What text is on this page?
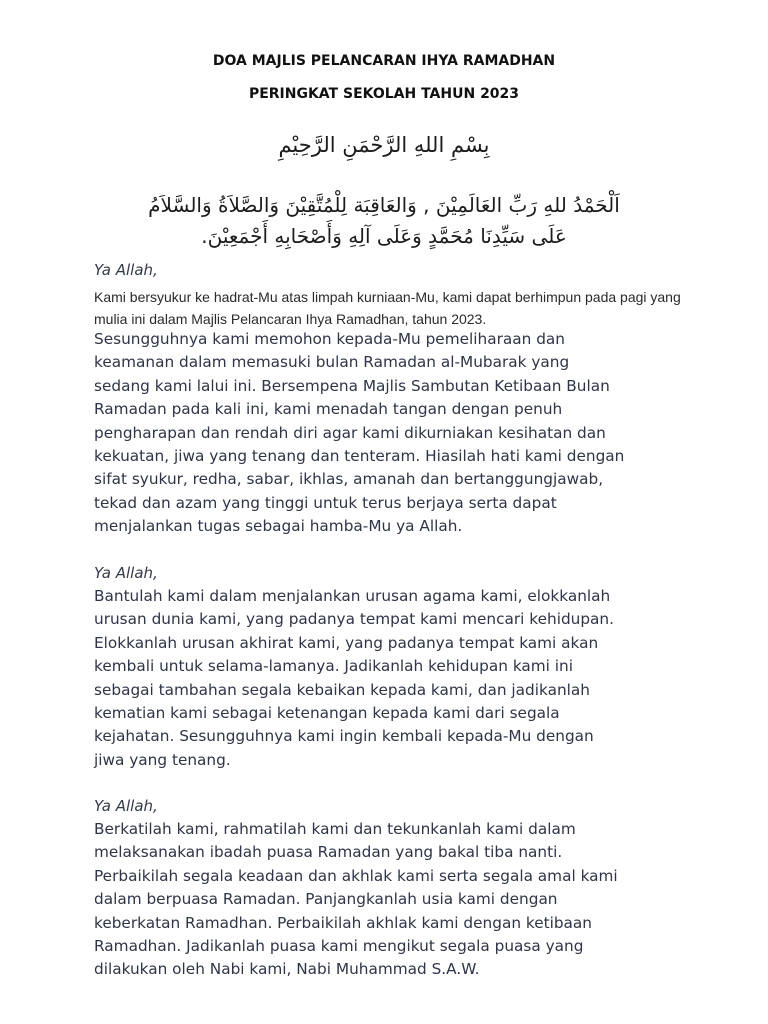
DOA MAJLIS PELANCARAN IHYA RAMADHAN
PERINGKAT SEKOLAH TAHUN 2023
بِسْمِ اللهِ الرَّحْمَنِ الرَّحِيْمِ
اَلْحَمْدُ للهِ رَبِّ العَالَمِيْنَ , وَالعَاقِبَة لِلْمُتَّقِيْنَ وَالصَّلاَةُ وَالسَّلاَمُ
عَلَى سَيِّدِنَا مُحَمَّدٍ وَعَلَى آلِهِ وَأَصْحَابِهِ أَجْمَعِيْنَ.
Ya Allah,
Kami bersyukur ke hadrat-Mu atas limpah kurniaan-Mu, kami dapat berhimpun pada pagi yang mulia ini dalam Majlis Pelancaran Ihya Ramadhan, tahun 2023.
Sesungguhnya kami memohon kepada-Mu pemeliharaan dan
keamanan dalam memasuki bulan Ramadan al-Mubarak yang
sedang kami lalui ini. Bersempena Majlis Sambutan Ketibaan Bulan
Ramadan pada kali ini, kami menadah tangan dengan penuh
pengharapan dan rendah diri agar kami dikurniakan kesihatan dan
kekuatan, jiwa yang tenang dan tenteram. Hiasilah hati kami dengan
sifat syukur, redha, sabar, ikhlas, amanah dan bertanggungjawab,
tekad dan azam yang tinggi untuk terus berjaya serta dapat
menjalankan tugas sebagai hamba-Mu ya Allah.
Ya Allah,
Bantulah kami dalam menjalankan urusan agama kami, elokkanlah
urusan dunia kami, yang padanya tempat kami mencari kehidupan.
Elokkanlah urusan akhirat kami, yang padanya tempat kami akan
kembali untuk selama-lamanya. Jadikanlah kehidupan kami ini
sebagai tambahan segala kebaikan kepada kami, dan jadikanlah
kematian kami sebagai ketenangan kepada kami dari segala
kejahatan. Sesungguhnya kami ingin kembali kepada-Mu dengan
jiwa yang tenang.
Ya Allah,
Berkatilah kami, rahmatilah kami dan tekunkanlah kami dalam
melaksanakan ibadah puasa Ramadan yang bakal tiba nanti.
Perbaikilah segala keadaan dan akhlak kami serta segala amal kami
dalam berpuasa Ramadan. Panjangkanlah usia kami dengan
keberkatan Ramadhan. Perbaikilah akhlak kami dengan ketibaan
Ramadhan. Jadikanlah puasa kami mengikut segala puasa yang
dilakukan oleh Nabi kami, Nabi Muhammad S.A.W.
